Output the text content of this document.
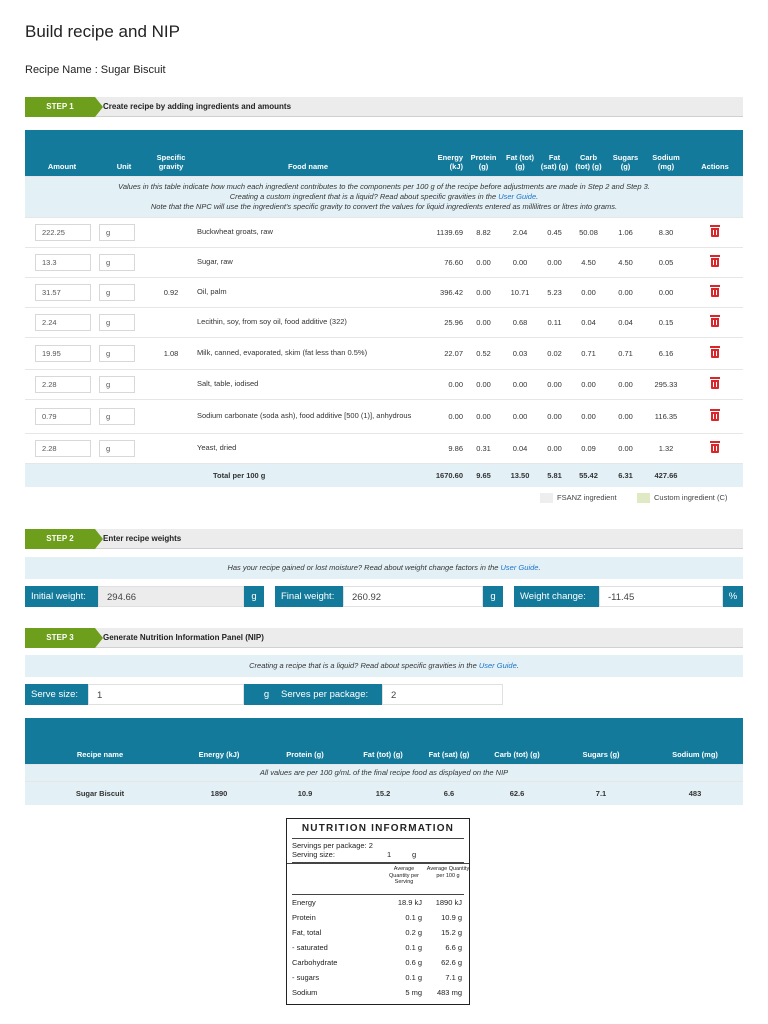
Build recipe and NIP
Recipe Name : Sugar Biscuit
STEP 1	Create recipe by adding ingredients and amounts
Amount	Unit	Specific gravity	Food name	Energy (kJ)	Protein (g)	Fat (tot) (g)	Fat (sat) (g)	Carb (tot) (g)	Sugars (g)	Sodium (mg)	Actions

Values in this table indicate how much each ingredient contributes to the components per 100 g of the recipe before adjustments are made in Step 2 and Step 3.
Creating a custom ingredient that is a liquid? Read about specific gravities in the User Guide.
Note that the NPC will use the ingredient's specific gravity to convert the values for liquid ingredients entered as millilitres or litres into grams.											

222.25	g		Buckwheat groats, raw	1139.69	8.82	2.04	0.45	50.08	1.06	8.30	

13.3	g		Sugar, raw	76.60	0.00	0.00	0.00	4.50	4.50	0.05	

31.57	g	0.92	Oil, palm	396.42	0.00	10.71	5.23	0.00	0.00	0.00	

2.24	g		Lecithin, soy, from soy oil, food additive (322)	25.96	0.00	0.68	0.11	0.04	0.04	0.15	

19.95	g	1.08	Milk, canned, evaporated, skim (fat less than 0.5%)	22.07	0.52	0.03	0.02	0.71	0.71	6.16	

2.28	g		Salt, table, iodised	0.00	0.00	0.00	0.00	0.00	0.00	295.33	

0.79	g		Sodium carbonate (soda ash), food additive [500 (1)], anhydrous	0.00	0.00	0.00	0.00	0.00	0.00	116.35	

2.28	g		Yeast, dried	9.86	0.31	0.04	0.00	0.09	0.00	1.32	

			Total per 100 g	1670.60	9.65	13.50	5.81	55.42	6.31	427.66	
FSANZ ingredient	Custom ingredient (C)
STEP 2	Enter recipe weights
Has your recipe gained or lost moisture? Read about weight change factors in the User Guide.
Initial weight:	294.66	g	Final weight:	260.92	g	Weight change:	-11.45	%
STEP 3	Generate Nutrition Information Panel (NIP)
Creating a recipe that is a liquid? Read about specific gravities in the User Guide.
Serve size:	1	g	Serves per package:	2
Recipe name	Energy (kJ)	Protein (g)	Fat (tot) (g)	Fat (sat) (g)	Carb (tot) (g)	Sugars (g)	Sodium (mg)
All values are per 100 g/mL of the final recipe food as displayed on the NIP							
Sugar Biscuit	1890	10.9	15.2	6.6	62.6	7.1	483
NUTRITION INFORMATION
Servings per package: 2
Serving size:	1	g
Average Quantity per Serving
Average Quantity per 100 g
Energy	18.9 kJ	1890 kJ
Protein	0.1 g	10.9 g
Fat, total	0.2 g	15.2 g
- saturated	0.1 g	6.6 g
Carbohydrate	0.6 g	62.6 g
- sugars	0.1 g	7.1 g
Sodium	5 mg	483 mg
